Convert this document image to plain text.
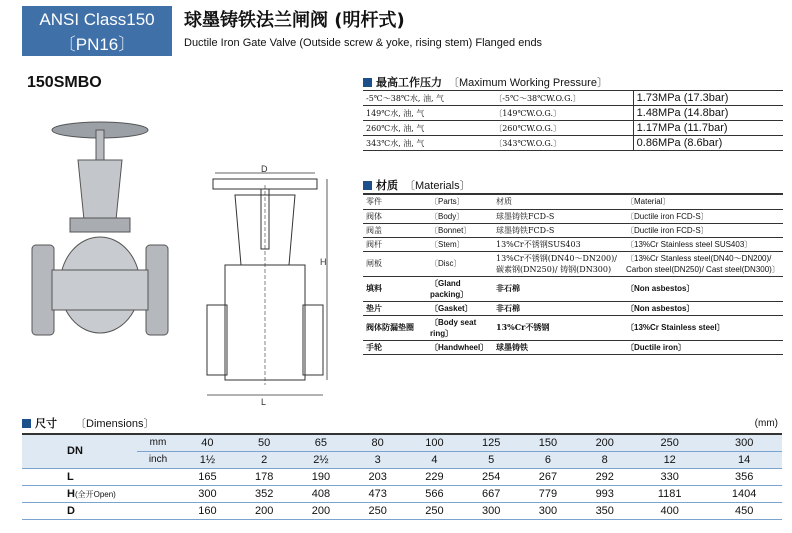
ANSI Class150
〔PN16〕
球墨铸铁法兰闸阀 (明杆式)
Ductile Iron Gate Valve (Outside screw & yoke, rising stem) Flanged ends
150SMBO
D
H
L
最高工作压力 〔Maximum Working Pressure〕
-5℃～38℃水, 油, 气	〔-5℃～38℃W.O.G.〕	1.73MPa (17.3bar)
149℃水, 油, 气	〔149℃W.O.G.〕	1.48MPa (14.8bar)
260℃水, 油, 气	〔260℃W.O.G.〕	1.17MPa (11.7bar)
343℃水, 油, 气	〔343℃W.O.G.〕	0.86MPa (8.6bar)
材质 〔Materials〕
零件	〔Parts〕	材质	〔Material〕
阀体	〔Body〕	球墨铸铁FCD-S	〔Ductile iron FCD-S〕
阀盖	〔Bonnet〕	球墨铸铁FCD-S	〔Ductile iron FCD-S〕
阀杆	〔Stem〕	13%Cr不锈钢SUS403	〔13%Cr Stainless steel SUS403〕
闸板	〔Disc〕	13%Cr不锈钢(DN40～DN200)/ 碳素钢(DN250)/ 铸钢(DN300)	〔13%Cr Stanless steel(DN40～DN200)/ Carbon steel(DN250)/ Cast steel(DN300)〕
填料	〔Gland packing〕	非石棉	〔Non asbestos〕
垫片	〔Gasket〕	非石棉	〔Non asbestos〕
阀体防漏垫圈	〔Body seat ring〕	13%Cr不锈钢	〔13%Cr Stainless steel〕
手轮	〔Handwheel〕	球墨铸铁	〔Ductile iron〕
尺寸 〔Dimensions〕	(mm)
DN	mm	40	50	65	80	100	125	150	200	250	300
	inch	1½	2	2½	3	4	5	6	8	12	14
L		165	178	190	203	229	254	267	292	330	356
H(全开Open)		300	352	408	473	566	667	779	993	1181	1404
D		160	200	200	250	250	300	300	350	400	450
